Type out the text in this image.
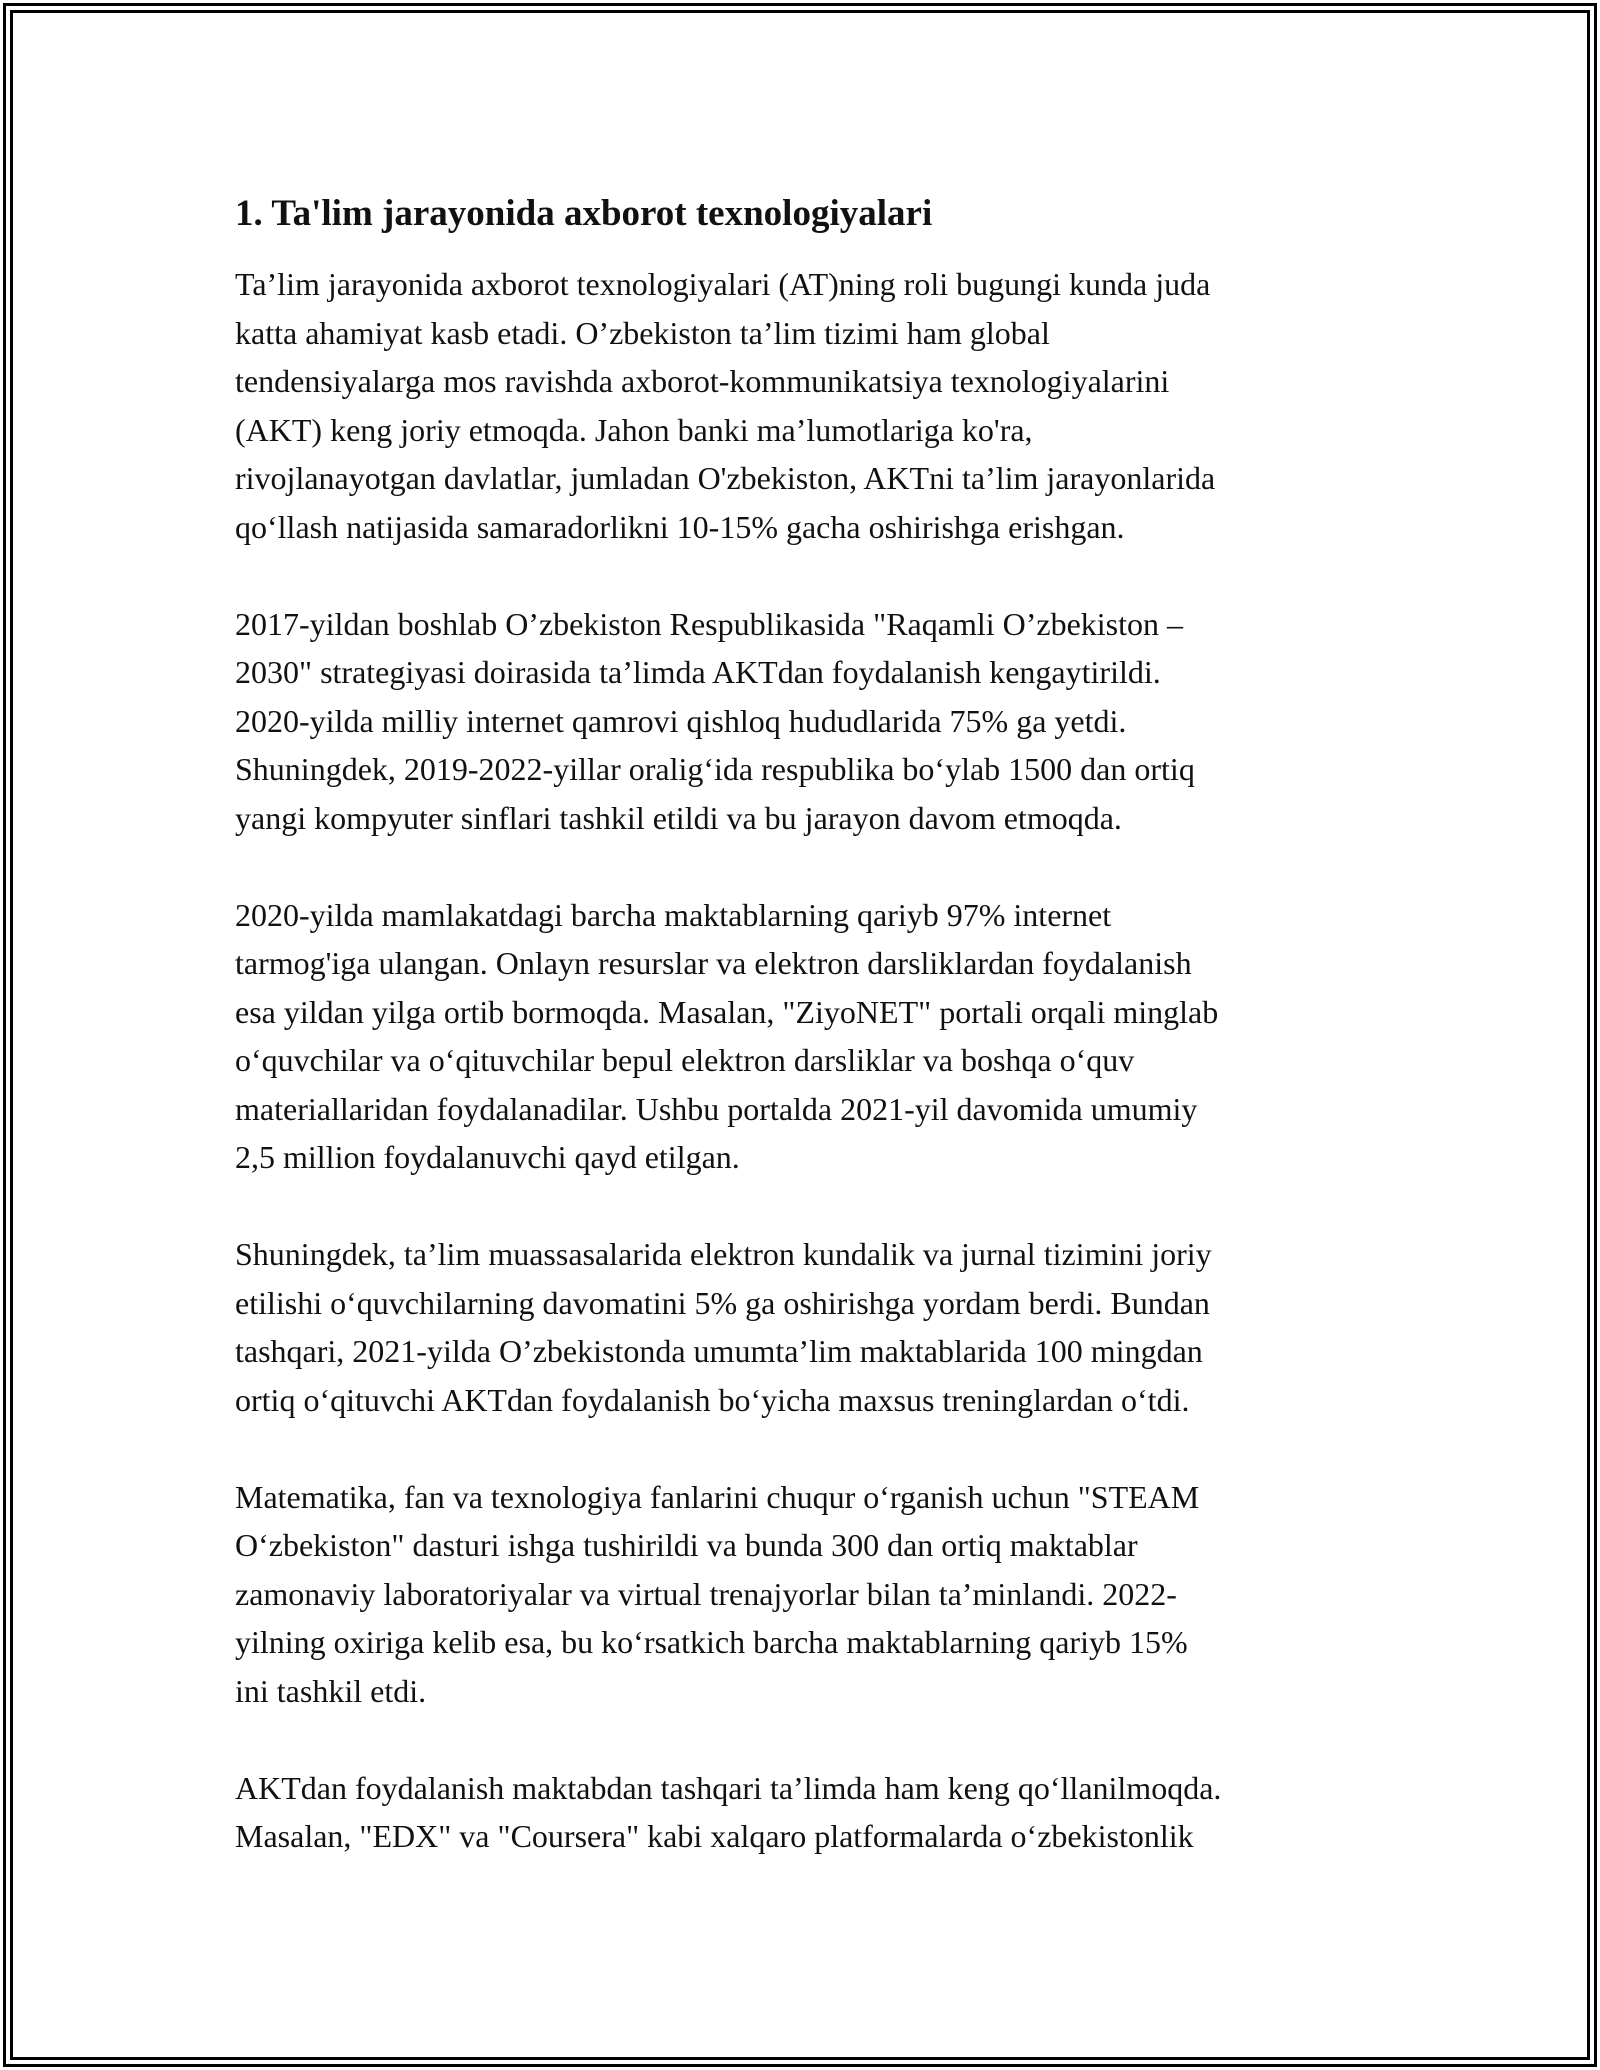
1. Ta'lim jarayonida axborot texnologiyalari
Ta’lim jarayonida axborot texnologiyalari (AT)ning roli bugungi kunda juda
katta ahamiyat kasb etadi. O’zbekiston ta’lim tizimi ham global
tendensiyalarga mos ravishda axborot-kommunikatsiya texnologiyalarini
(AKT) keng joriy etmoqda. Jahon banki ma’lumotlariga ko'ra,
rivojlanayotgan davlatlar, jumladan O'zbekiston, AKTni ta’lim jarayonlarida
qo‘llash natijasida samaradorlikni 10-15% gacha oshirishga erishgan.
2017-yildan boshlab O’zbekiston Respublikasida "Raqamli O’zbekiston –
2030" strategiyasi doirasida ta’limda AKTdan foydalanish kengaytirildi.
2020-yilda milliy internet qamrovi qishloq hududlarida 75% ga yetdi.
Shuningdek, 2019-2022-yillar oralig‘ida respublika bo‘ylab 1500 dan ortiq
yangi kompyuter sinflari tashkil etildi va bu jarayon davom etmoqda.
2020-yilda mamlakatdagi barcha maktablarning qariyb 97% internet
tarmog'iga ulangan. Onlayn resurslar va elektron darsliklardan foydalanish
esa yildan yilga ortib bormoqda. Masalan, "ZiyoNET" portali orqali minglab
o‘quvchilar va o‘qituvchilar bepul elektron darsliklar va boshqa o‘quv
materiallaridan foydalanadilar. Ushbu portalda 2021-yil davomida umumiy
2,5 million foydalanuvchi qayd etilgan.
Shuningdek, ta’lim muassasalarida elektron kundalik va jurnal tizimini joriy
etilishi o‘quvchilarning davomatini 5% ga oshirishga yordam berdi. Bundan
tashqari, 2021-yilda O’zbekistonda umumta’lim maktablarida 100 mingdan
ortiq o‘qituvchi AKTdan foydalanish bo‘yicha maxsus treninglardan o‘tdi.
Matematika, fan va texnologiya fanlarini chuqur o‘rganish uchun "STEAM
O‘zbekiston" dasturi ishga tushirildi va bunda 300 dan ortiq maktablar
zamonaviy laboratoriyalar va virtual trenajyorlar bilan ta’minlandi. 2022-
yilning oxiriga kelib esa, bu ko‘rsatkich barcha maktablarning qariyb 15%
ini tashkil etdi.
AKTdan foydalanish maktabdan tashqari ta’limda ham keng qo‘llanilmoqda.
Masalan, "EDX" va "Coursera" kabi xalqaro platformalarda o‘zbekistonlik
